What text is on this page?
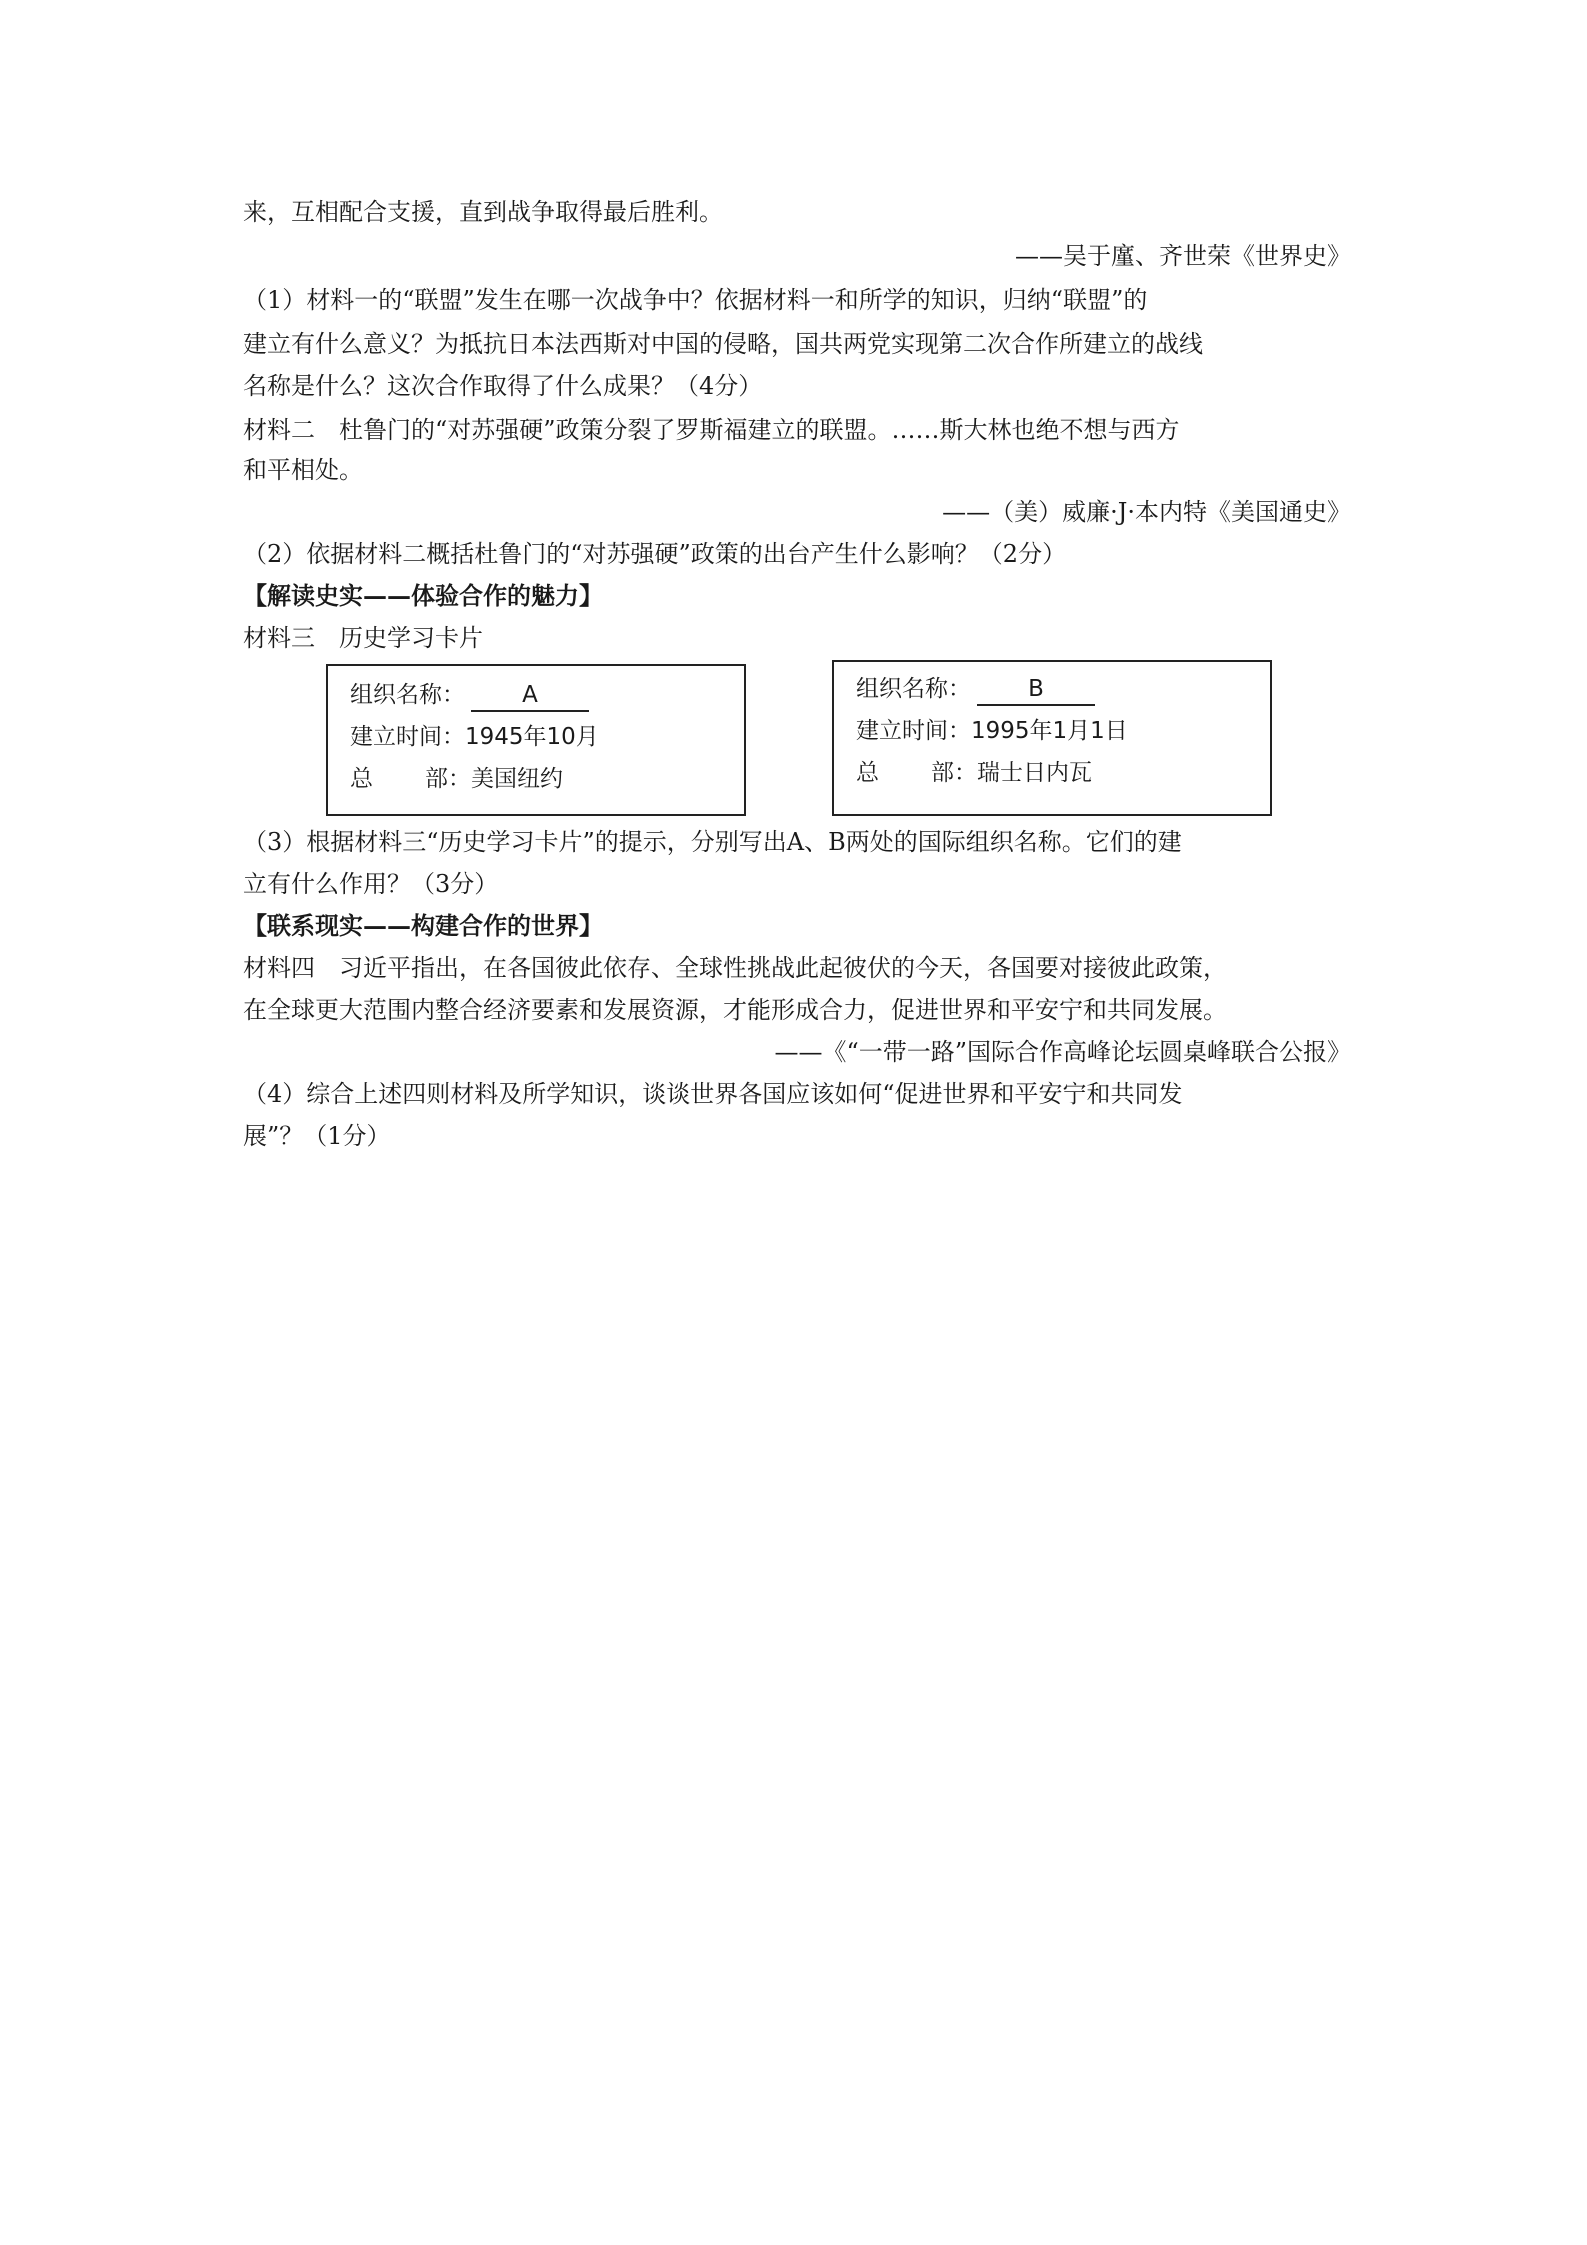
来，互相配合支援，直到战争取得最后胜利。
——吴于廑、齐世荣《世界史》
（1）材料一的“联盟”发生在哪一次战争中？依据材料一和所学的知识，归纳“联盟”的
建立有什么意义？为抵抗日本法西斯对中国的侵略，国共两党实现第二次合作所建立的战线
名称是什么？这次合作取得了什么成果？（4分）
材料二　杜鲁门的“对苏强硬”政策分裂了罗斯福建立的联盟。……斯大林也绝不想与西方
和平相处。
——（美）威廉·J·本内特《美国通史》
（2）依据材料二概括杜鲁门的“对苏强硬”政策的出台产生什么影响？（2分）
【解读史实——体验合作的魅力】
材料三　历史学习卡片
组织名称： A
建立时间：1945年10月
总部：美国纽约
组织名称： B
建立时间：1995年1月1日
总部：瑞士日内瓦
（3）根据材料三“历史学习卡片”的提示，分别写出A、B两处的国际组织名称。它们的建
立有什么作用？（3分）
【联系现实——构建合作的世界】
材料四　习近平指出，在各国彼此依存、全球性挑战此起彼伏的今天，各国要对接彼此政策，
在全球更大范围内整合经济要素和发展资源，才能形成合力，促进世界和平安宁和共同发展。
——《“一带一路”国际合作高峰论坛圆桌峰联合公报》
（4）综合上述四则材料及所学知识，谈谈世界各国应该如何“促进世界和平安宁和共同发
展”？（1分）
